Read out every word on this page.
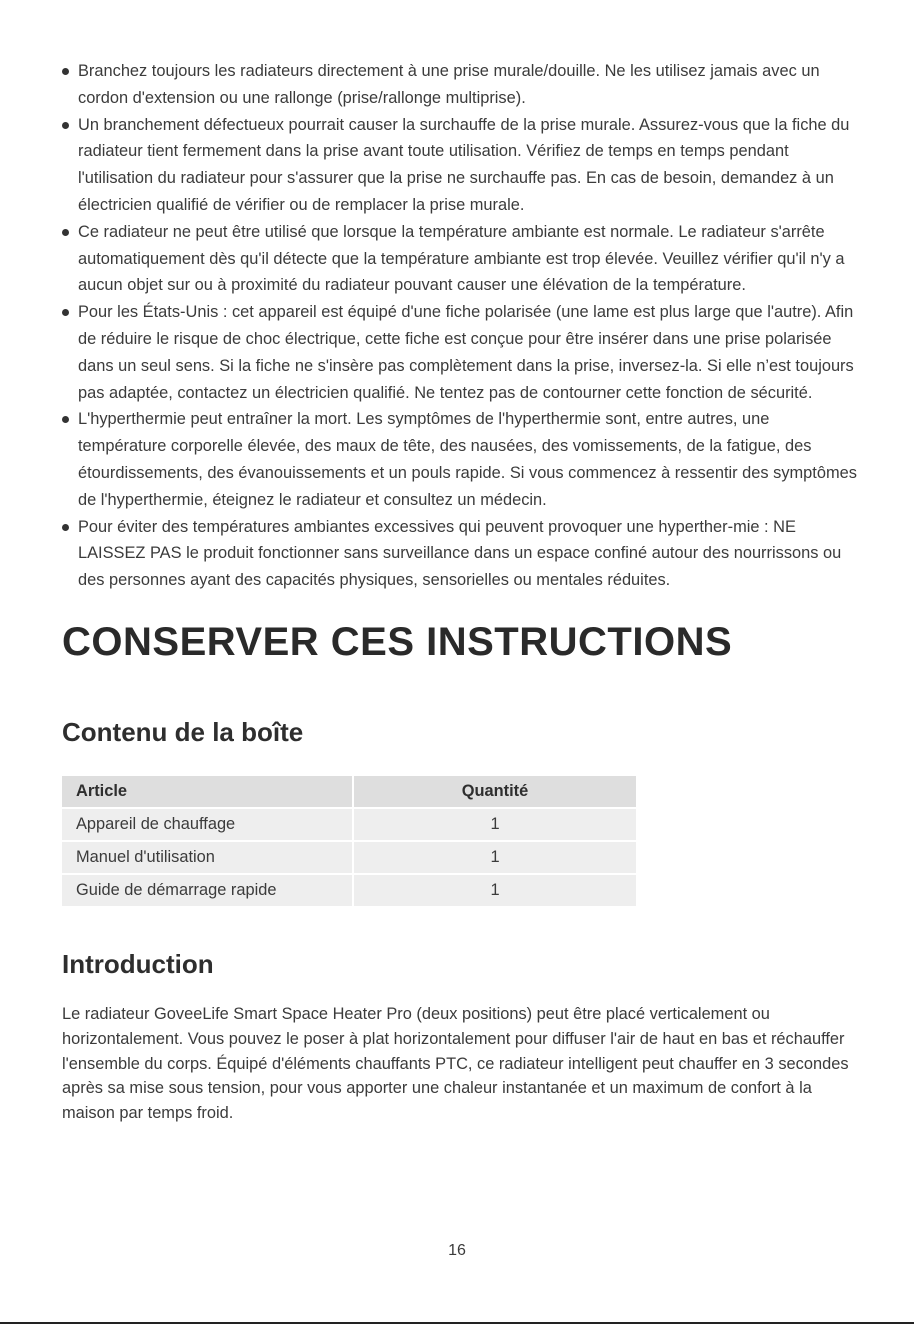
Branchez toujours les radiateurs directement à une prise murale/douille. Ne les utilisez jamais avec un cordon d'extension ou une rallonge (prise/rallonge multiprise).
Un branchement défectueux pourrait causer la surchauffe de la prise murale. Assurez-vous que la fiche du radiateur tient fermement dans la prise avant toute utilisation. Vérifiez de temps en temps pendant l'utilisation du radiateur pour s'assurer que la prise ne surchauffe pas. En cas de besoin, demandez à un électricien qualifié de vérifier ou de remplacer la prise murale.
Ce radiateur ne peut être utilisé que lorsque la température ambiante est normale. Le radiateur s'arrête automatiquement dès qu'il détecte que la température ambiante est trop élevée. Veuillez vérifier qu'il n'y a aucun objet sur ou à proximité du radiateur pouvant causer une élévation de la température.
Pour les États-Unis : cet appareil est équipé d'une fiche polarisée (une lame est plus large que l'autre). Afin de réduire le risque de choc électrique, cette fiche est conçue pour être insérer dans une prise polarisée dans un seul sens. Si la fiche ne s'insère pas complètement dans la prise, inversez-la. Si elle n’est toujours pas adaptée, contactez un électricien qualifié. Ne tentez pas de contourner cette fonction de sécurité.
L'hyperthermie peut entraîner la mort. Les symptômes de l'hyperthermie sont, entre autres, une température corporelle élevée, des maux de tête, des nausées, des vomissements, de la fatigue, des étourdissements, des évanouissements et un pouls rapide. Si vous commencez à ressentir des symptômes de l'hyperthermie, éteignez le radiateur et consultez un médecin.
Pour éviter des températures ambiantes excessives qui peuvent provoquer une hyperther-mie : NE LAISSEZ PAS le produit fonctionner sans surveillance dans un espace confiné autour des nourrissons ou des personnes ayant des capacités physiques, sensorielles ou mentales réduites.
CONSERVER CES INSTRUCTIONS
Contenu de la boîte
Article	Quantité
Appareil de chauffage	1
Manuel d'utilisation	1
Guide de démarrage rapide	1
Introduction

Le radiateur GoveeLife Smart Space Heater Pro (deux positions) peut être placé verticalement ou horizontalement. Vous pouvez le poser à plat horizontalement pour diffuser l'air de haut en bas et réchauffer l'ensemble du corps. Équipé d'éléments chauffants PTC, ce radiateur intelligent peut chauffer en 3 secondes après sa mise sous tension, pour vous apporter une chaleur instantanée et un maximum de confort à la maison par temps froid.

16
